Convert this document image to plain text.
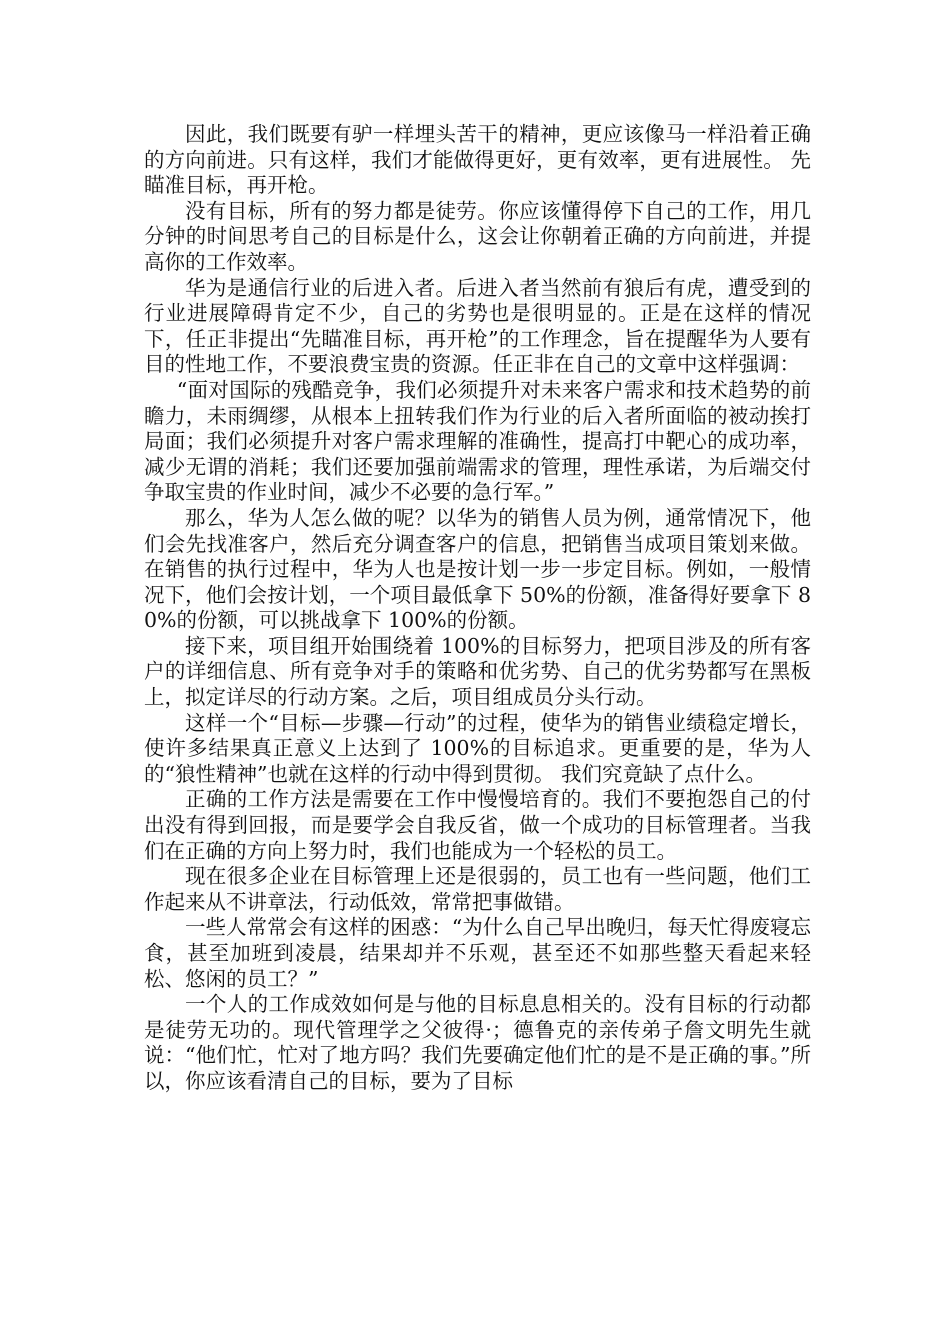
因此，我们既要有驴一样埋头苦干的精神，更应该像马一样沿着正确的方向前进。只有这样，我们才能做得更好，更有效率，更有进展性。 先瞄准目标，再开枪。

没有目标，所有的努力都是徒劳。你应该懂得停下自己的工作，用几分钟的时间思考自己的目标是什么，这会让你朝着正确的方向前进，并提高你的工作效率。

华为是通信行业的后进入者。后进入者当然前有狼后有虎，遭受到的行业进展障碍肯定不少，自己的劣势也是很明显的。正是在这样的情况下，任正非提出“先瞄准目标，再开枪”的工作理念，旨在提醒华为人要有目的性地工作，不要浪费宝贵的资源。任正非在自己的文章中这样强调：

“面对国际的残酷竞争，我们必须提升对未来客户需求和技术趋势的前瞻力，未雨绸缪，从根本上扭转我们作为行业的后入者所面临的被动挨打局面；我们必须提升对客户需求理解的准确性，提高打中靶心的成功率，减少无谓的消耗；我们还要加强前端需求的管理，理性承诺，为后端交付争取宝贵的作业时间，减少不必要的急行军。”

那么，华为人怎么做的呢？以华为的销售人员为例，通常情况下，他们会先找准客户，然后充分调查客户的信息，把销售当成项目策划来做。在销售的执行过程中，华为人也是按计划一步一步定目标。例如，一般情况下，他们会按计划，一个项目最低拿下 50%的份额，准备得好要拿下 80%的份额，可以挑战拿下 100%的份额。

接下来，项目组开始围绕着 100%的目标努力，把项目涉及的所有客户的详细信息、所有竞争对手的策略和优劣势、自己的优劣势都写在黑板上，拟定详尽的行动方案。之后，项目组成员分头行动。

这样一个“目标—步骤—行动”的过程，使华为的销售业绩稳定增长，使许多结果真正意义上达到了 100%的目标追求。更重要的是，华为人的“狼性精神”也就在这样的行动中得到贯彻。 我们究竟缺了点什么。

正确的工作方法是需要在工作中慢慢培育的。我们不要抱怨自己的付出没有得到回报，而是要学会自我反省，做一个成功的目标管理者。当我们在正确的方向上努力时，我们也能成为一个轻松的员工。

现在很多企业在目标管理上还是很弱的，员工也有一些问题，他们工作起来从不讲章法，行动低效，常常把事做错。

一些人常常会有这样的困惑：“为什么自己早出晚归，每天忙得废寝忘食，甚至加班到凌晨，结果却并不乐观，甚至还不如那些整天看起来轻松、悠闲的员工？”

一个人的工作成效如何是与他的目标息息相关的。没有目标的行动都是徒劳无功的。现代管理学之父彼得·；德鲁克的亲传弟子詹文明先生就说：“他们忙，忙对了地方吗？我们先要确定他们忙的是不是正确的事。”所以，你应该看清自己的目标，要为了目标
